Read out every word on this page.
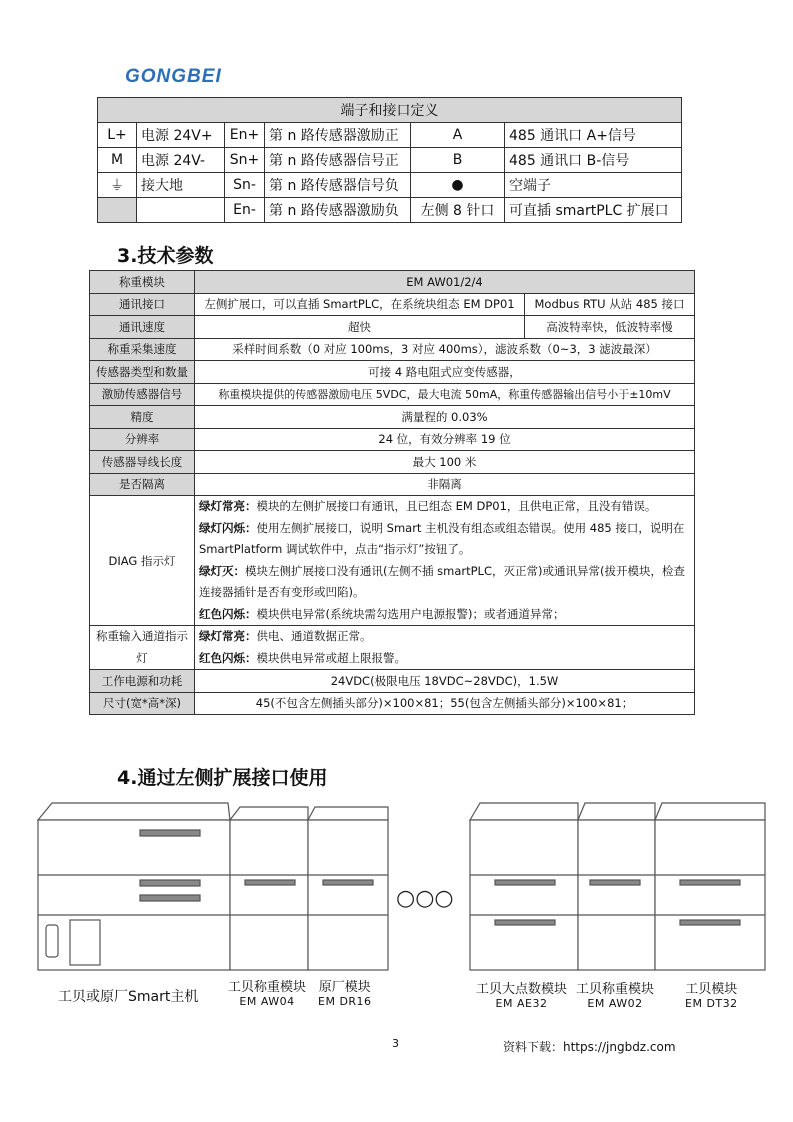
GONGBEI
端子和接口定义					
L+	电源 24V+	En+	第 n 路传感器激励正	A	485 通讯口 A+信号
M	电源 24V-	Sn+	第 n 路传感器信号正	B	485 通讯口 B-信号
⏚	接大地	Sn-	第 n 路传感器信号负	●	空端子
		En-	第 n 路传感器激励负	左侧 8 针口	可直插 smartPLC 扩展口
3.技术参数
称重模块	EM AW01/2/4	
通讯接口	左侧扩展口，可以直插 SmartPLC，在系统块组态 EM DP01	Modbus RTU 从站 485 接口
通讯速度	超快	高波特率快，低波特率慢
称重采集速度	采样时间系数（0 对应 100ms，3 对应 400ms），滤波系数（0~3，3 滤波最深）	
传感器类型和数量	可接 4 路电阻式应变传感器，	
激励传感器信号	称重模块提供的传感器激励电压 5VDC，最大电流 50mA，称重传感器输出信号小于±10mV	
精度	满量程的 0.03%	
分辨率	24 位，有效分辨率 19 位	
传感器导线长度	最大 100 米	
是否隔离	非隔离	
DIAG 指示灯	绿灯常亮：模块的左侧扩展接口有通讯，且已组态 EM DP01，且供电正常，且没有错误。
绿灯闪烁：使用左侧扩展接口，说明 Smart 主机没有组态或组态错误。使用 485 接口，说明在 SmartPlatform 调试软件中，点击“指示灯”按钮了。
绿灯灭：模块左侧扩展接口没有通讯(左侧不插 smartPLC，灭正常)或通讯异常(拔开模块，检查连接器插针是否有变形或凹陷)。
红色闪烁：模块供电异常(系统块需勾选用户电源报警)；或者通道异常；	

称重输入通道指示灯	绿灯常亮：供电、通道数据正常。
红色闪烁：模块供电异常或超上限报警。	

工作电源和功耗	24VDC(极限电压 18VDC~28VDC)，1.5W	
尺寸(宽*高*深)	45(不包含左侧插头部分)×100×81；55(包含左侧插头部分)×100×81；	
4.通过左侧扩展接口使用
○○○
工贝或原厂Smart主机
工贝称重模块
EM AW04
原厂模块
EM DR16
工贝大点数模块
EM AE32
工贝称重模块
EM AW02
工贝模块
EM DT32
3	资料下载：https://jngbdz.com
